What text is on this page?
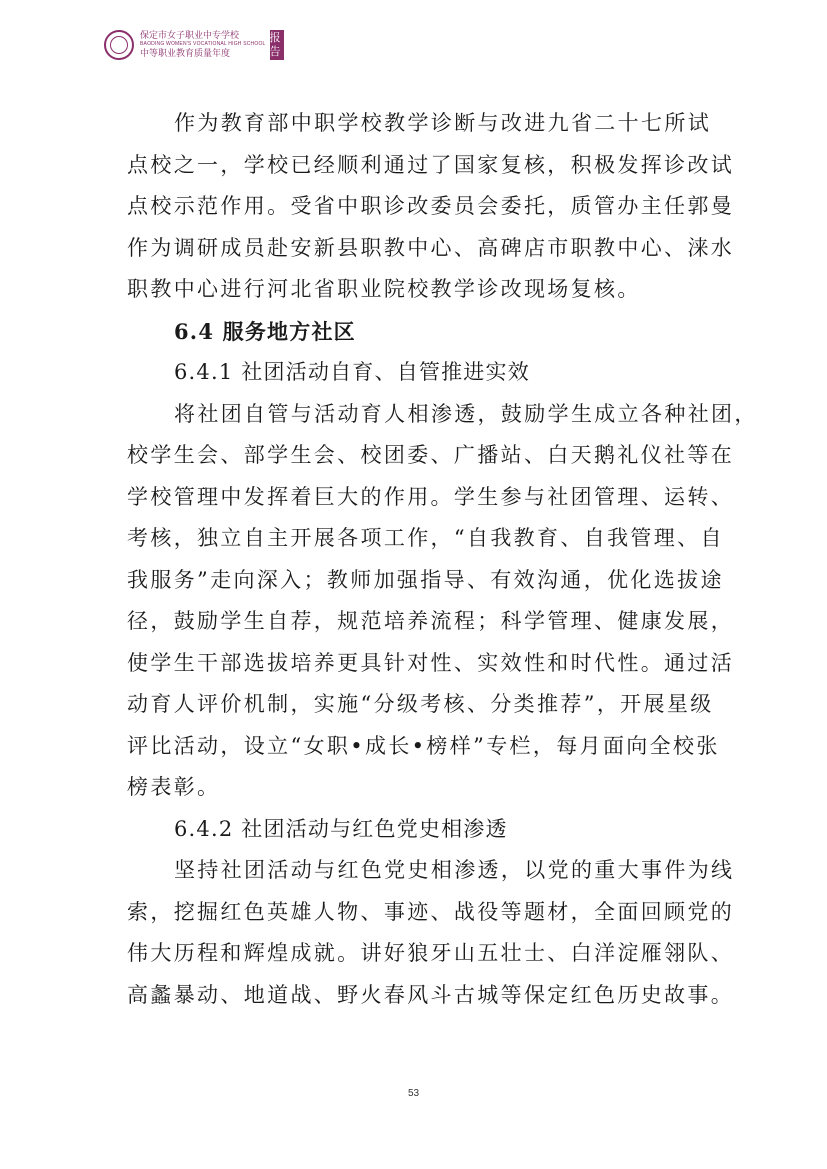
保定市女子职业中专学校
BAODING WOMEN'S VOCATIONAL HIGH SCHOOL
中等职业教育质量年度
报告
作为教育部中职学校教学诊断与改进九省二十七所试
点校之一，学校已经顺利通过了国家复核，积极发挥诊改试
点校示范作用。受省中职诊改委员会委托，质管办主任郭曼
作为调研成员赴安新县职教中心、高碑店市职教中心、涞水
职教中心进行河北省职业院校教学诊改现场复核。
6.4 服务地方社区
6.4.1 社团活动自育、自管推进实效
将社团自管与活动育人相渗透，鼓励学生成立各种社团，
校学生会、部学生会、校团委、广播站、白天鹅礼仪社等在
学校管理中发挥着巨大的作用。学生参与社团管理、运转、
考核，独立自主开展各项工作，“自我教育、自我管理、自
我服务”走向深入；教师加强指导、有效沟通，优化选拔途
径，鼓励学生自荐，规范培养流程；科学管理、健康发展，
使学生干部选拔培养更具针对性、实效性和时代性。通过活
动育人评价机制，实施“分级考核、分类推荐”，开展星级
评比活动，设立“女职•成长•榜样”专栏，每月面向全校张
榜表彰。
6.4.2 社团活动与红色党史相渗透
坚持社团活动与红色党史相渗透，以党的重大事件为线
索，挖掘红色英雄人物、事迹、战役等题材，全面回顾党的
伟大历程和辉煌成就。讲好狼牙山五壮士、白洋淀雁翎队、
高蠡暴动、地道战、野火春风斗古城等保定红色历史故事。
53
